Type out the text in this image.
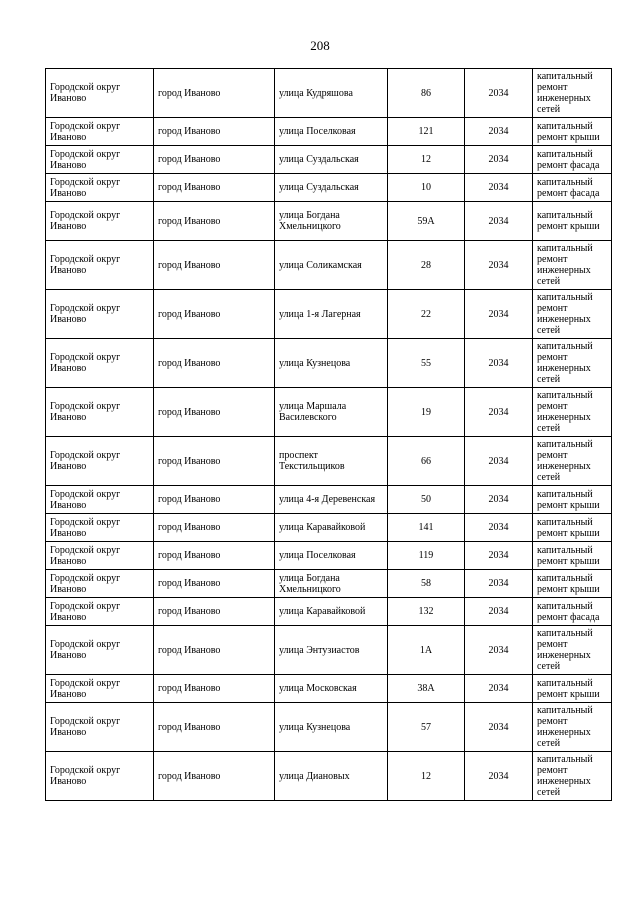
208
Городской округ Иваново	город Иваново	улица Кудряшова	86	2034	капитальный ремонт инженерных сетей
Городской округ Иваново	город Иваново	улица Поселковая	121	2034	капитальный ремонт крыши
Городской округ Иваново	город Иваново	улица Суздальская	12	2034	капитальный ремонт фасада
Городской округ Иваново	город Иваново	улица Суздальская	10	2034	капитальный ремонт фасада
Городской округ Иваново	город Иваново	улица Богдана Хмельницкого	59А	2034	капитальный ремонт крыши
Городской округ Иваново	город Иваново	улица Соликамская	28	2034	капитальный ремонт инженерных сетей
Городской округ Иваново	город Иваново	улица 1-я Лагерная	22	2034	капитальный ремонт инженерных сетей
Городской округ Иваново	город Иваново	улица Кузнецова	55	2034	капитальный ремонт инженерных сетей
Городской округ Иваново	город Иваново	улица Маршала Василевского	19	2034	капитальный ремонт инженерных сетей
Городской округ Иваново	город Иваново	проспект Текстильщиков	66	2034	капитальный ремонт инженерных сетей
Городской округ Иваново	город Иваново	улица 4-я Деревенская	50	2034	капитальный ремонт крыши
Городской округ Иваново	город Иваново	улица Каравайковой	141	2034	капитальный ремонт крыши
Городской округ Иваново	город Иваново	улица Поселковая	119	2034	капитальный ремонт крыши
Городской округ Иваново	город Иваново	улица Богдана Хмельницкого	58	2034	капитальный ремонт крыши
Городской округ Иваново	город Иваново	улица Каравайковой	132	2034	капитальный ремонт фасада
Городской округ Иваново	город Иваново	улица Энтузиастов	1А	2034	капитальный ремонт инженерных сетей
Городской округ Иваново	город Иваново	улица Московская	38А	2034	капитальный ремонт крыши
Городской округ Иваново	город Иваново	улица Кузнецова	57	2034	капитальный ремонт инженерных сетей
Городской округ Иваново	город Иваново	улица Диановых	12	2034	капитальный ремонт инженерных сетей
